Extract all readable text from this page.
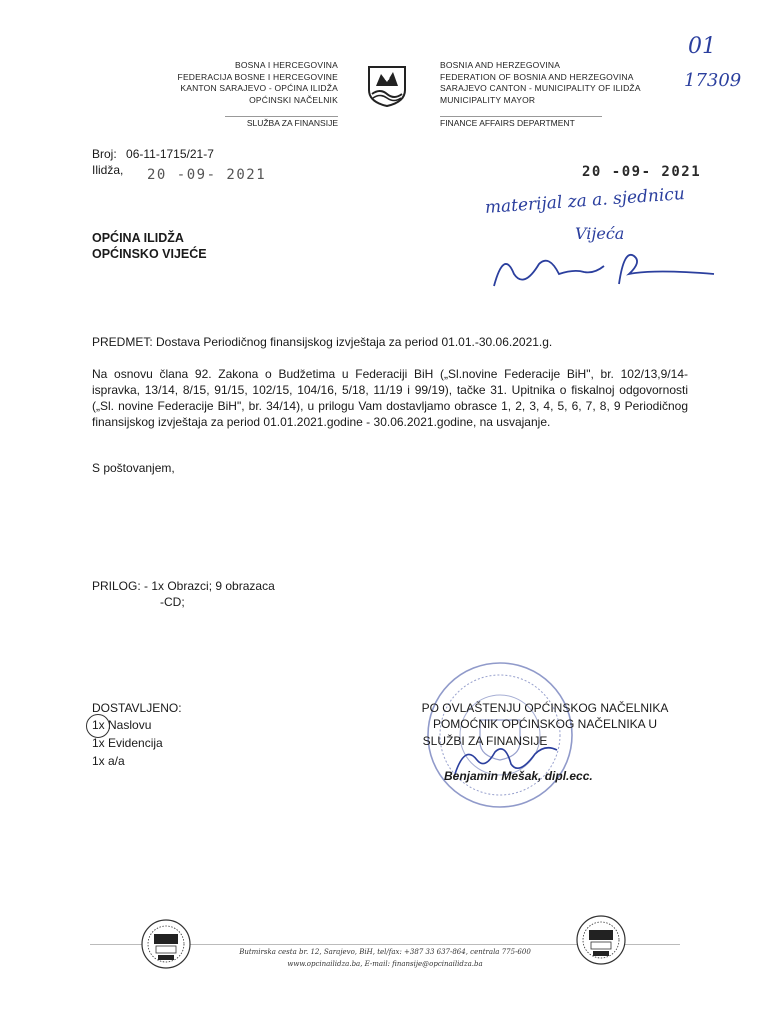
BOSNA I HERCEGOVINA
FEDERACIJA BOSNE I HERCEGOVINE
KANTON SARAJEVO - OPĆINA ILIDŽA
OPĆINSKI NAČELNIK
SLUŽBA ZA FINANSIJE
BOSNIA AND HERZEGOVINA
FEDERATION OF BOSNIA AND HERZEGOVINA
SARAJEVO CANTON - MUNICIPALITY OF ILIDŽA
MUNICIPALITY MAYOR
FINANCE AFFAIRS DEPARTMENT
01
17309
Broj: 06-11-1715/21-7
Ilidža, 20 -09- 2021	20 -09- 2021
materijal za a. sjednicu
Vijeća
OPĆINA ILIDŽA
OPĆINSKO VIJEĆE
PREDMET: Dostava Periodičnog finansijskog izvještaja za period 01.01.-30.06.2021.g.
Na osnovu člana 92. Zakona o Budžetima u Federaciji BiH („Sl.novine Federacije BiH", br. 102/13,9/14-ispravka, 13/14, 8/15, 91/15, 102/15, 104/16, 5/18, 11/19 i 99/19), tačke 31. Upitnika o fiskalnoj odgovornosti („Sl. novine Federacije BiH", br. 34/14), u prilogu Vam dostavljamo obrasce 1, 2, 3, 4, 5, 6, 7, 8, 9 Periodičnog finansijskog izvještaja za period 01.01.2021.godine - 30.06.2021.godine, na usvajanje.
S poštovanjem,
PRILOG: - 1x Obrazci; 9 obrazaca
-CD;
DOSTAVLJENO:
1x Naslovu
1x Evidencija
1x a/a
PO OVLAŠTENJU OPĆINSKOG NAČELNIKA
POMOĆNIK OPĆINSKOG NAČELNIKA U
SLUŽBI ZA FINANSIJE
Benjamin Mešak, dipl.ecc.
Butmirska cesta br. 12, Sarajevo, BiH, tel/fax: +387 33 637-864, centrala 775-600
www.opcinailidza.ba, E-mail: finansije@opcinailidza.ba
